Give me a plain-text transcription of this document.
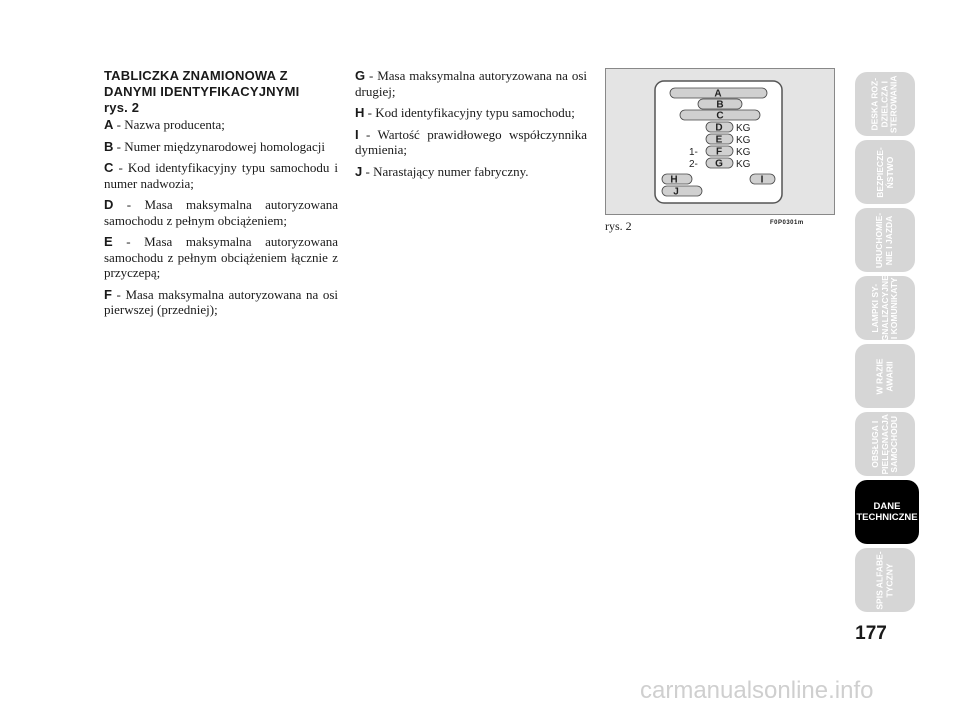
TABLICZKA ZNAMIONOWA Z
DANYMI IDENTYFIKACYJNYMI
rys. 2

A - Nazwa producenta;

B - Numer międzynarodowej homologacji

C - Kod identyfikacyjny typu samochodu i numer nadwozia;

D - Masa maksymalna autoryzowana samochodu z pełnym obciążeniem;

E - Masa maksymalna autoryzowana samochodu z pełnym obciążeniem łącznie z przyczepą;

F - Masa maksymalna autoryzowana na osi pierwszej (przedniej);

G - Masa maksymalna autoryzowana na osi drugiej;

H - Kod identyfikacyjny typu samochodu;

I - Wartość prawidłowego współczynnika dymienia;

J - Narastający numer fabryczny.

A
B
C
D
E
F
G
H	I
J
KG
KG
KG
KG
1-
2-
rys. 2	F0P0301m
DESKA ROZ-
DZIELCZA I
STEROWANIA
BEZPIECZE-
ŃSTWO
URUCHOMIE-
NIE I JAZDA
LAMPKI SY-
GNALIZACYJNE
I KOMUNIKATY
W RAZIE
AWARII
OBSŁUGA I
PIELĘGNACJA
SAMOCHODU
DANE
TECHNICZNE
SPIS ALFABE-
TYCZNY
177
carmanualsonline.info
